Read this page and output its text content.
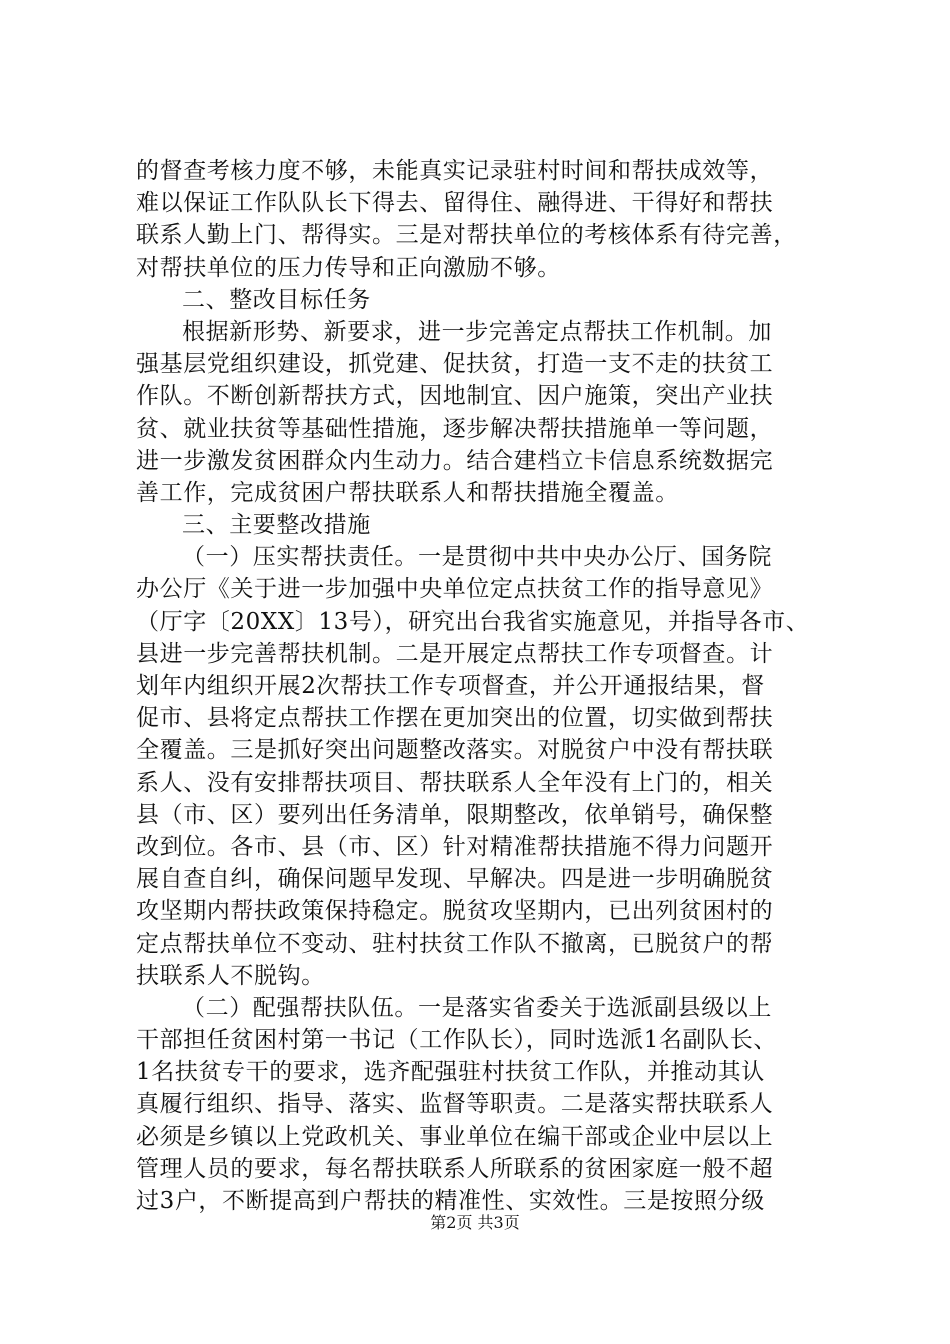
的督查考核力度不够，未能真实记录驻村时间和帮扶成效等，
难以保证工作队队长下得去、留得住、融得进、干得好和帮扶
联系人勤上门、帮得实。三是对帮扶单位的考核体系有待完善，
对帮扶单位的压力传导和正向激励不够。
二、整改目标任务
根据新形势、新要求，进一步完善定点帮扶工作机制。加
强基层党组织建设，抓党建、促扶贫，打造一支不走的扶贫工
作队。不断创新帮扶方式，因地制宜、因户施策，突出产业扶
贫、就业扶贫等基础性措施，逐步解决帮扶措施单一等问题，
进一步激发贫困群众内生动力。结合建档立卡信息系统数据完
善工作，完成贫困户帮扶联系人和帮扶措施全覆盖。
三、主要整改措施
（一）压实帮扶责任。一是贯彻中共中央办公厅、国务院
办公厅《关于进一步加强中央单位定点扶贫工作的指导意见》
（厅字〔20XX〕13号），研究出台我省实施意见，并指导各市、
县进一步完善帮扶机制。二是开展定点帮扶工作专项督查。计
划年内组织开展2次帮扶工作专项督查，并公开通报结果，督
促市、县将定点帮扶工作摆在更加突出的位置，切实做到帮扶
全覆盖。三是抓好突出问题整改落实。对脱贫户中没有帮扶联
系人、没有安排帮扶项目、帮扶联系人全年没有上门的，相关
县（市、区）要列出任务清单，限期整改，依单销号，确保整
改到位。各市、县（市、区）针对精准帮扶措施不得力问题开
展自查自纠，确保问题早发现、早解决。四是进一步明确脱贫
攻坚期内帮扶政策保持稳定。脱贫攻坚期内，已出列贫困村的
定点帮扶单位不变动、驻村扶贫工作队不撤离，已脱贫户的帮
扶联系人不脱钩。
（二）配强帮扶队伍。一是落实省委关于选派副县级以上
干部担任贫困村第一书记（工作队长），同时选派1名副队长、
1名扶贫专干的要求，选齐配强驻村扶贫工作队，并推动其认
真履行组织、指导、落实、监督等职责。二是落实帮扶联系人
必须是乡镇以上党政机关、事业单位在编干部或企业中层以上
管理人员的要求，每名帮扶联系人所联系的贫困家庭一般不超
过3户，不断提高到户帮扶的精准性、实效性。三是按照分级
第2页 共3页
